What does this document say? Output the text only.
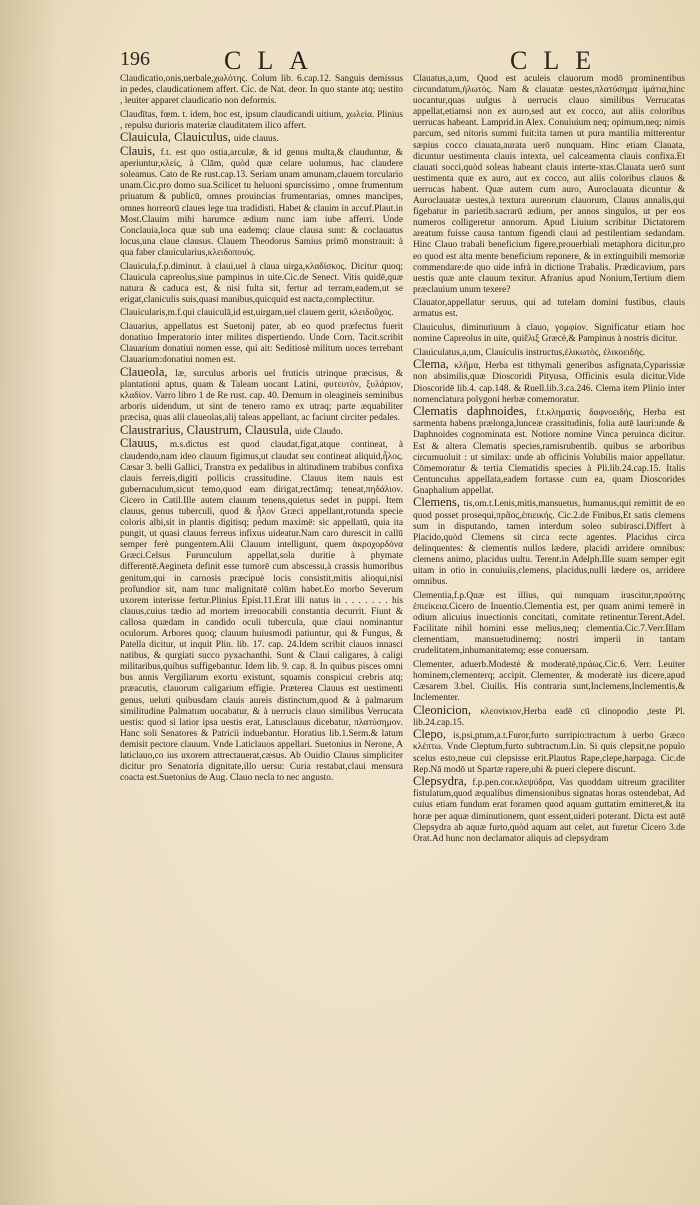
196	CLA	CLE

Claudicatio,onis,uerbale,χωλότης. Colum lib. 6.cap.12. Sanguis demissus in pedes, claudicationem affert. Cic. de Nat. deor. In quo stante atq; uestito , leuiter apparet claudicatio non deformis.

Claudītas, fœm. t. idem, hoc est, ipsum claudicandi uitium, χωλεία. Plinius , repulsu durioris materiæ clauditatem ilico affert.

Clauicula, Clauiculus, uide clauus.

Clauis, f.t. est quo ostia,arculæ, & id genus multa,& clauduntur, & aperiuntur,κλείς, à Clām, quòd quæ celare uolumus, hac claudere soleamus. Cato de Re rust.cap.13. Seriam unam amunam,clauem torculario unam.Cic.pro domo sua.Scilicet tu heluoni spurcissimo , omne frumentum priuatum & publicū, omnes prouincias frumentarias, omnes mancipes, omnes horreorū claues lege tua tradidisti. Habet & clauim in accuf.Plaut.in Most.Clauim mihi harumce ædium nunc iam iube afferri. Unde Conclauia,loca quæ sub una eademq; claue clausa sunt: & coclauatus locus,una claue clausus. Clauem Theodorus Samius primō monstrauit: à qua faber clauicularius,κλειδοποιός.

Clauicula,f.p.diminut. à claui,uel à claua uirga,κλαδίσκος. Dicitur quoq; Clauicula capreolus,siue pampinus in uite.Cic.de Senect. Vitis quidē,quæ natura & caduca est, & nisi fulta sit, fertur ad terram,eadem,ut se erigat,claniculis suis,quasi manibus,quicquid est nacta,complectitur.

Clauicularis,m.f.qui clauiculā,id est,uirgam,uel clauem gerit, κλειδοῦχος.

Clauarius, appellatus est Suetonij pater, ab eo quod præfectus fuerit donatiuo Imperatorio inter milites dispertiendo. Unde Corn. Tacit.scribit Clauarium donatiui nomen esse, qui ait: Seditiosè militum uoces terrebant Clauarium:donatiui nomen est.

Claueola, læ, surculus arboris uel fruticis utrinque præcisus, & plantationi aptus, quam & Taleam uocant Latini, φυτευτὸν, ξυλάριον, κλαδίον. Varro libro 1 de Re rust. cap. 40. Demum in oleagineis seminibus arboris uidendum, ut sint de tenero ramo ex utraq; parte æquabiliter præcisa, quas alii claueolas,alij taleas appellant, ac faciunt circiter pedales.

Claustrarius, Claustrum, Clausula, uide Claudo.

Clauus, m.s.dictus est quod claudat,figat,atque contineat, à claudendo,nam ideo clauum figimus,ut claudat seu contineat aliquid,ἧλος. Cæsar 3. belli Gallici, Transtra ex pedalibus in altitudinem trabibus confixa clauis ferreis,digiti pollicis crassitudine. Clauus item nauis est gubernaculum,sicut temo,quod eam dirigat,rectāmq; teneat,πηδάλιον. Cicero in Catil.Ille autem clauum tenens,quietus sedet in puppi. Item clauus, genus tuberculi, quod & ἧλον Græci appellant,rotunda specie coloris albi,sit in plantis digitisq; pedum maximē: sic appellatū, quia ita pungit, ut quasi clauus ferreus infixus uideatur.Nam caro durescit in callū semper ferè pungentem.Alii Clauum intelligunt, quem ἀκροχορδόνα Græci.Celsus Furunculum appellat,sola duritie à phymate differentē.Aegineta definit esse tumorē cum abscessu,à crassis humoribus genitum,qui in carnosis præcipuè locis consistit,mitis alioqui,nisi profundior sit, nam tunc malignitatē colūm habet.Eo morbo Severum uxorem interisse fertur.Plinius Epist.11.Erat illi natus in . . . . . . . his clauus,cuius tædio ad mortem irreuocabili constantia decurrit. Fiunt & callosa quædam in candido oculi tubercula, quæ claui nominantur oculorum. Arbores quoq; clauum huiusmodi patiuntur, qui & Fungus, & Patella dicitur, ut inquit Plin. lib. 17. cap. 24.Idem scribit clauos innasci natibus, & qurgiati succo pyxachanthi. Sunt & Claui caligares, à caligi militaribus,quibus suffigebantur. Idem lib. 9. cap. 8. In quibus pisces omni bus annis Vergiliarum exortu existunt, squamis conspicui crebris atq; præacutis, clauorum caligarium effigie. Præterea Clauus est uestimenti genus, ueluti quibusdam clauis aureis distinctum,quod & à palmarum similitudine Palmatum uocabatur, & à uerrucis clauo similibus Verrucata uestis: quod si latior ipsa uestis erat, Latusclauus dicebatur, πλατύσημον. Hanc soli Senatores & Patricii induebantur. Horatius lib.1.Serm.& latum demisit pectore clauum. Vnde Laticlauos appellari. Suetonius in Nerone, A laticlauo,co ius uxorem attrectauerat,cæsus. Ab Ouidio Clauus simpliciter dicitur pro Senatoria dignitate,illo uersu: Curia restabat,claui mensura coacta est.Suetonius de Aug. Clauo necla to nec angusto.

Clauatus,a,um, Quod est aculeis clauorum modō prominentibus circundatum,ἡλωτός. Nam & clauatæ uestes,πλατύσημα ἱμάτια,hinc uocantur,quas uulgus à uerrucis clauo similibus Verrucatas appellat,etiamsi non ex auro,sed aut ex cocco, aut aliis coloribus uerrucas habeant. Lamprid.in Alex. Conuiuium neq; opimum,neq; nimis parcum, sed nitoris summi fuit:ita tamen ut pura mantilia mitterentur sæpius cocco clauata,aurata uerō nunquam. Hinc etiam Clauata, dicuntur uestimenta clauis intexta, uel calceamenta clauis confixa.Et clauati socci,quòd soleas habeant clauis interte-xtas.Clauata uerō sunt uestimenta quæ ex auro, aut ex cocco, aut aliis coloribus clauos & uerrucas habent. Quæ autem cum auro, Auroclauata dicuntur & Auroclauatæ uestes,à textura aureorum clauorum, Clauus annalis,qui figebatur in parietib.sacrarū ædium, per annos singulos, ut per eos numeros colligeretur annorum. Apud Liuium scribitur Dictatorem areatum fuisse causa tantum figendi claui ad pestilentiam sedandam. Hinc Clauo trabali beneficium figere,prouerbiali metaphora dicitur,pro eo quod est alta mente beneficium reponere, & in extinguibili memoriæ commendare:de quo uide infrà in dictione Trabalis. Prædicavium, pars uestis quæ ante clauum texitur. Afranius apud Nonium,Tertium diem præclauium unum texere?

Clauator,appellatur seruus, qui ad tutelam domini fustibus, clauis armatus est.

Clauiculus, diminutiuum à clauo, γομφίον. Significatur etiam hoc nomine Capreolus in uite, quiἕλιξ Græcè,& Pampinus à nostris dicitur.

Clauiculatus,a,um, Clauiculis instructus,ἐλικωτὸς, ἐλικοειδής.

Clema, κλῆμα, Herba est tithymali generibus asfignata,Cyparissiæ non absimilis,quæ Dioscoridi Pityusa, Officinis esula dicitur.Vide Dioscoridē lib.4. cap.148. & Ruell.lib.3.ca.246. Clema item Plinio inter nomenclatura polygoni herbæ comemoratur.

Clematis daphnoides, f.t.κληματὶς δαφνοειδής, Herba est sarmenta habens prælonga,lunceæ crassitudinis, folia autē lauri:unde & Daphnoides cognominata est. Notiore nomine Vinca peruinca dicitur. Est & altera Clematis species,ramisrubentib. quibus se arboribus circumuoluit : ut similax: unde ab officinis Volubilis maior appellatur. Cōmemoratur & tertia Clematidis species à Pli.lib.24.cap.15. Italis Centunculus appellata,eadem fortasse cum ea, quam Dioscorides Gnaphalium appellat.

Clemens, tis,om.t.Lenis,mitis,mansuetus, humanus,qui remittit de eo quod posset prosequi,πρᾶος,ἐπιεικής. Cic.2.de Finibus,Et satis clemens sum in disputando, tamen interdum soleo subirasci.Differt à Placido,quòd Clemens sit circa recte agentes. Placidus circa delinquentes: & clementis nullos lædere, placidi arridere omnibus: clemens animo, placidus uultu. Terent.in Adelph.Ille suam semper egit uitam in otio in conuiuiis,clemens, placidus,nulli lædere os, arridere omnibus.

Clementia,f.p.Quæ est illius, qui nunquam irascitur,πραότης ἐπιείκεια.Cicero de Inuentio.Clementia est, per quam animi temerè in odium alicuius inuectionis concitati, comitate retinentur.Terent.Adel. Facilitate nihil homini esse melius,neq; clementia.Cic.7.Verr.Illam clementiam, mansuetudinemq; nostri imperii in tantam crudelitatem,inhumanitatemq; esse conuersam.

Clementer, aduerb.Modestè & moderatè,πράως.Cic.6. Verr. Leuiter hominem,clementerq; accipit. Clementer, & moderatè ius dicere,apud Cæsarem 3.bel. Ciuilis. His contraria sunt,Inclemens,Inclementis,& Inclementer.

Cleonicion, κλεονίκιον,Herba eadē cū clinopodio ,teste Pl. lib.24.cap.15.

Clepo, is,psi,ptum,a.t.Furor,furto surripio:tractum à uerbo Græco κλέπτω. Vnde Cleptum,furto subtractum.Lin. Si quis clepsit,ne populo scelus esto,neue cui clepsisse erit.Plautus Rape,clepe,harpaga. Cic.de Rep.Nā modō ut Spartæ rapere,ubi & pueri clepere discunt.

Clepsydra, f.p.pen.cor.κλεψύδρα, Vas quoddam uitreum graciliter fistulatum,quod æqualibus dimensionibus signatas horas ostendebat, Ad cuius etiam fundum erat foramen quod aquam guttatim emitteret,& ita horæ per aquæ diminutionem, quot essent,uideri poterant. Dicta est autē Clepsydra ab aquæ furto,quòd aquam aut celet, aut furetur Cicero 3.de Orat.Ad hunc non declamator aliquis ad clepsydram
